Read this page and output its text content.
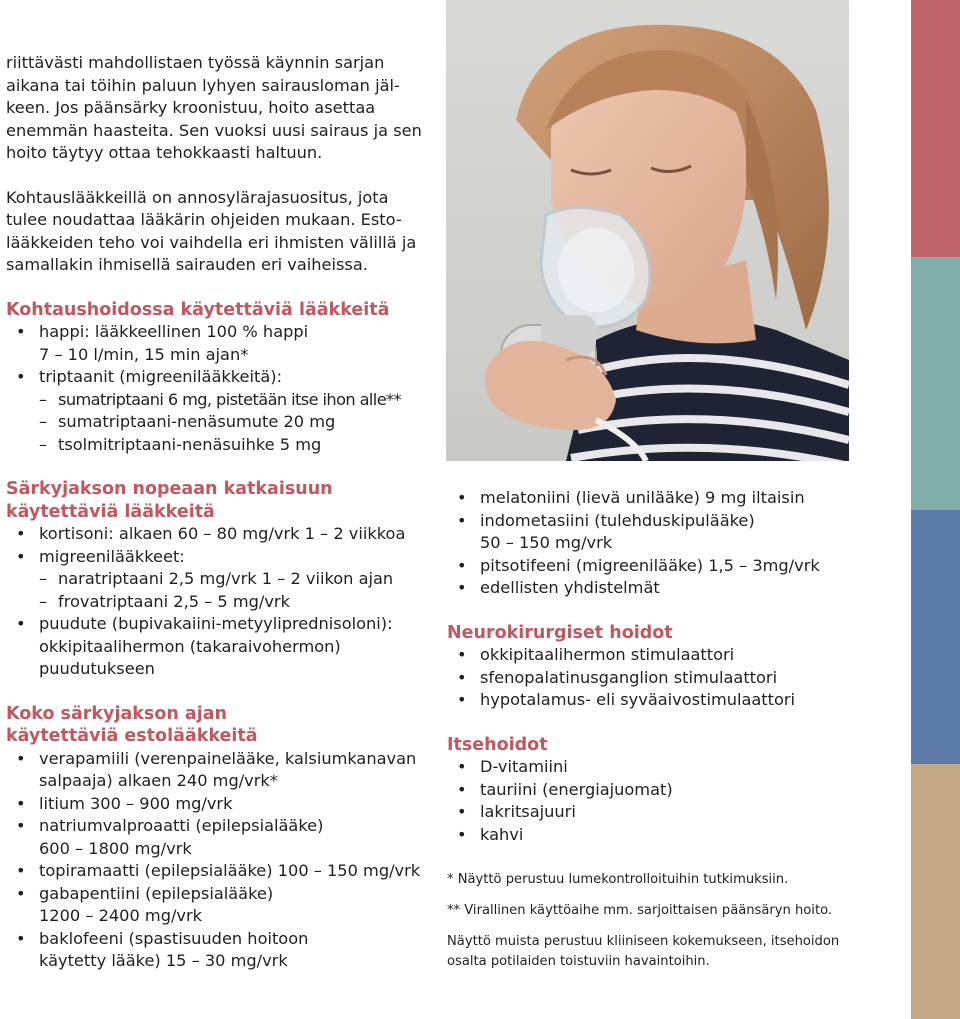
riittävästi mahdollistaen työssä käynnin sarjan aikana tai töihin paluun lyhyen sairausloman jäl-keen. Jos päänsärky kroonistuu, hoito asettaa enemmän haasteita. Sen vuoksi uusi sairaus ja sen hoito täytyy ottaa tehokkaasti haltuun.

Kohtauslääkkeillä on annosylärajasuositus, jota tulee noudattaa lääkärin ohjeiden mukaan. Esto-lääkkeiden teho voi vaihdella eri ihmisten välillä ja samallakin ihmisellä sairauden eri vaiheissa.

Kohtaushoidossa käytettäviä lääkkeitä
• happi: lääkkeellinen 100 % happi
7 – 10 l/min, 15 min ajan*
• triptaanit (migreenilääkkeitä):
– sumatriptaani 6 mg, pistetään itse ihon alle**
– sumatriptaani-nenäsumute 20 mg
– tsolmitriptaani-nenäsuihke 5 mg
Särkyjakson nopeaan katkaisuun
käytettäviä lääkkeitä
• kortisoni: alkaen 60 – 80 mg/vrk 1 – 2 viikkoa
• migreenilääkkeet:
– naratriptaani 2,5 mg/vrk 1 – 2 viikon ajan
– frovatriptaani 2,5 – 5 mg/vrk
• puudute (bupivakaiini-metyyliprednisoloni):
okkipitaalihermon (takaraivohermon)
puudutukseen
Koko särkyjakson ajan
käytettäviä estolääkkeitä
• verapamiili (verenpainelääke, kalsiumkanavan
salpaaja) alkaen 240 mg/vrk*
• litium 300 – 900 mg/vrk
• natriumvalproaatti (epilepsialääke)
600 – 1800 mg/vrk
• topiramaatti (epilepsialääke) 100 – 150 mg/vrk
• gabapentiini (epilepsialääke)
1200 – 2400 mg/vrk
• baklofeeni (spastisuuden hoitoon
käytetty lääke) 15 – 30 mg/vrk
• melatoniini (lievä unilääke) 9 mg iltaisin
• indometasiini (tulehduskipulääke)
50 – 150 mg/vrk
• pitsotifeeni (migreenilääke) 1,5 – 3mg/vrk
• edellisten yhdistelmät
Neurokirurgiset hoidot
• okkipitaalihermon stimulaattori
• sfenopalatinusganglion stimulaattori
• hypotalamus- eli syväaivostimulaattori
Itsehoidot
• D-vitamiini
• tauriini (energiajuomat)
• lakritsajuuri
• kahvi

* Näyttö perustuu lumekontrolloituihin tutkimuksiin.

** Virallinen käyttöaihe mm. sarjoittaisen päänsäryn hoito.

Näyttö muista perustuu kliiniseen kokemukseen, itsehoidon osalta potilaiden toistuviin havaintoihin.
